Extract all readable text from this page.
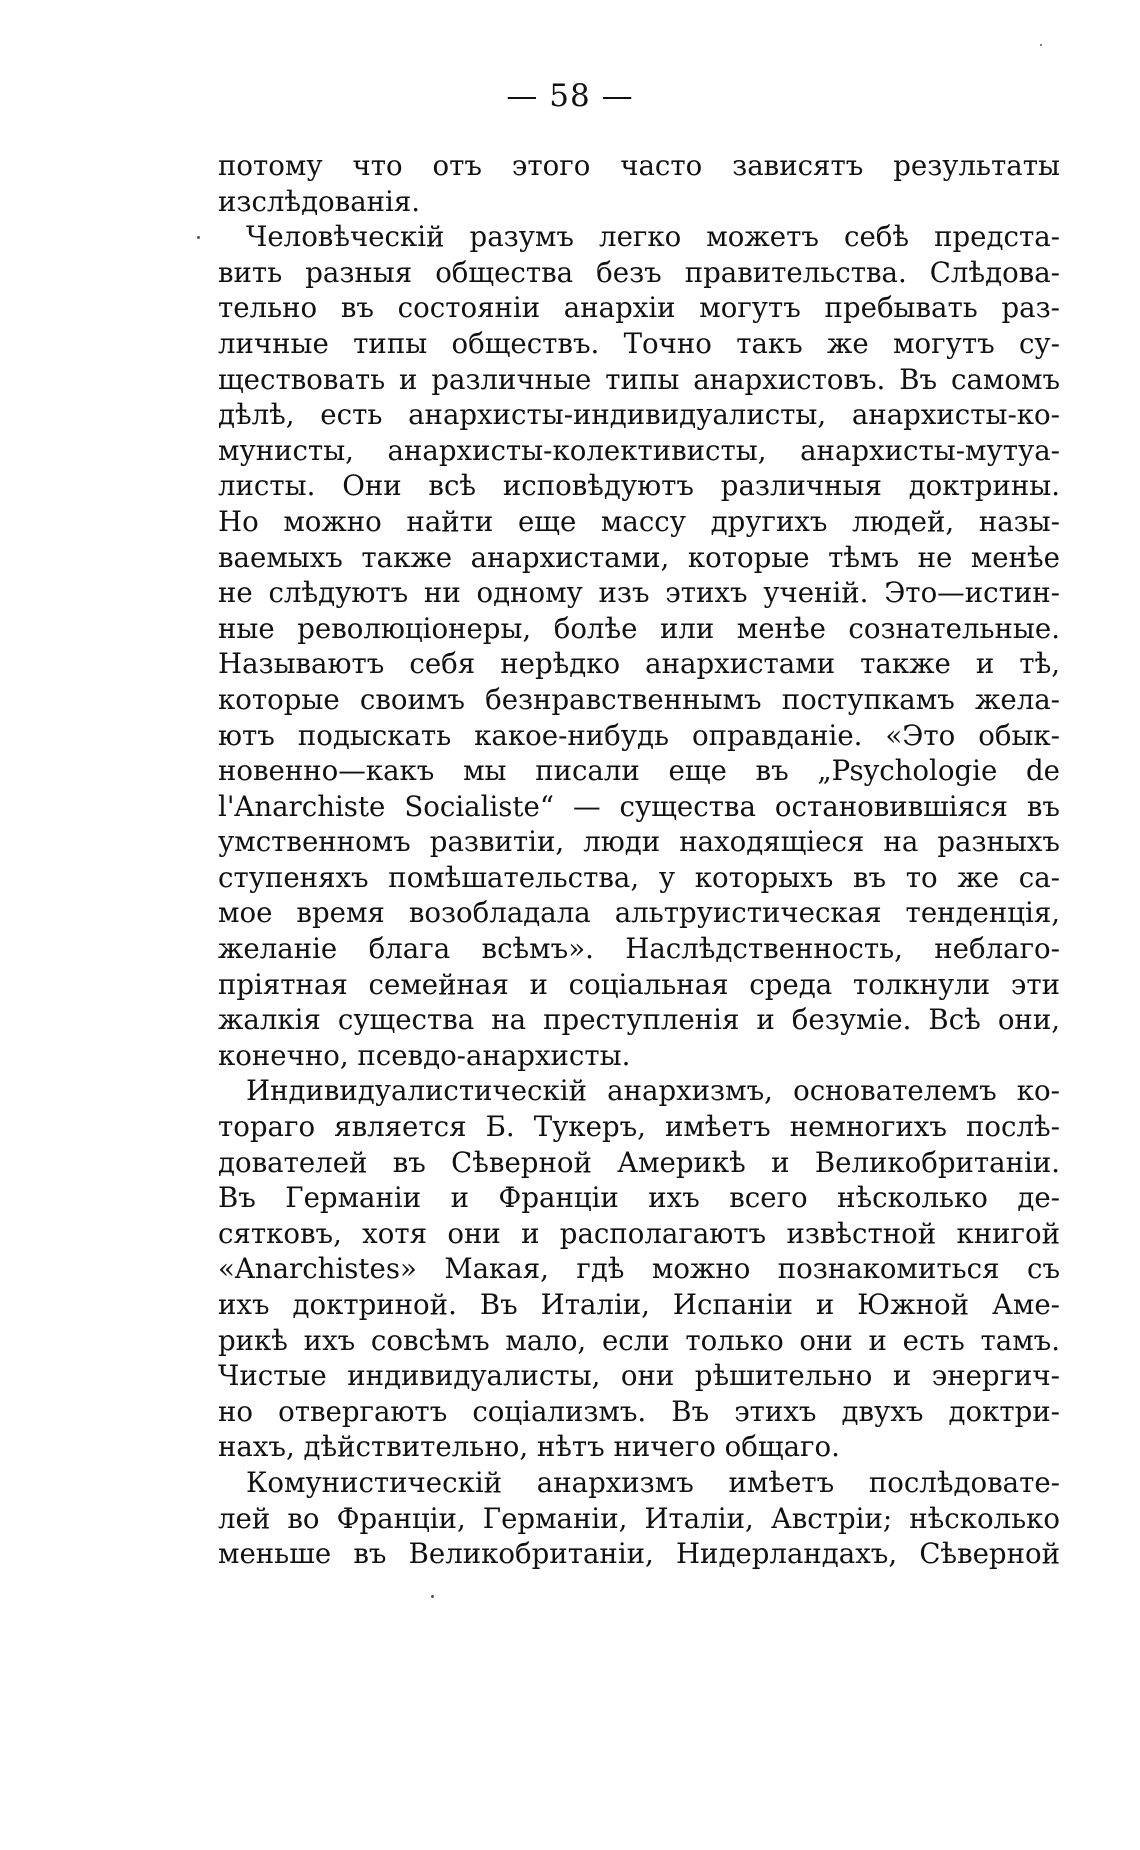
— 58 —
потому что отъ этого часто зависятъ результаты
изслѣдованія.
Человѣческій разумъ легко можетъ себѣ предста-
вить разныя общества безъ правительства. Слѣдова-
тельно въ состояніи анархіи могутъ пребывать раз-
личные типы обществъ. Точно такъ же могутъ су-
ществовать и различные типы анархистовъ. Въ самомъ
дѣлѣ, есть анархисты-индивидуалисты, анархисты-ко-
мунисты, анархисты-колективисты, анархисты-мутуа-
листы. Они всѣ исповѣдуютъ различныя доктрины.
Но можно найти еще массу другихъ людей, назы-
ваемыхъ также анархистами, которые тѣмъ не менѣе
не слѣдуютъ ни одному изъ этихъ ученій. Это—истин-
ные революціонеры, болѣе или менѣе сознательные.
Называютъ себя нерѣдко анархистами также и тѣ,
которые своимъ безнравственнымъ поступкамъ жела-
ютъ подыскать какое-нибудь оправданіе. «Это обык-
новенно—какъ мы писали еще въ „Psychologie de
l'Anarchiste Socialiste“ — существа остановившіяся въ
умственномъ развитіи, люди находящіеся на разныхъ
ступеняхъ помѣшательства, у которыхъ въ то же са-
мое время возобладала альтруистическая тенденція,
желаніе блага всѣмъ». Наслѣдственность, неблаго-
пріятная семейная и соціальная среда толкнули эти
жалкія существа на преступленія и безуміе. Всѣ они,
конечно, псевдо-анархисты.
Индивидуалистическій анархизмъ, основателемъ ко-
тораго является Б. Тукеръ, имѣетъ немногихъ послѣ-
дователей въ Сѣверной Америкѣ и Великобританіи.
Въ Германіи и Франціи ихъ всего нѣсколько де-
сятковъ, хотя они и располагаютъ извѣстной книгой
«Anarchistes» Макая, гдѣ можно познакомиться съ
ихъ доктриной. Въ Италіи, Испаніи и Южной Аме-
рикѣ ихъ совсѣмъ мало, если только они и есть тамъ.
Чистые индивидуалисты, они рѣшительно и энергич-
но отвергаютъ соціализмъ. Въ этихъ двухъ доктри-
нахъ, дѣйствительно, нѣтъ ничего общаго.
Комунистическій анархизмъ имѣетъ послѣдовате-
лей во Франціи, Германіи, Италіи, Австріи; нѣсколько
меньше въ Великобританіи, Нидерландахъ, Сѣверной
